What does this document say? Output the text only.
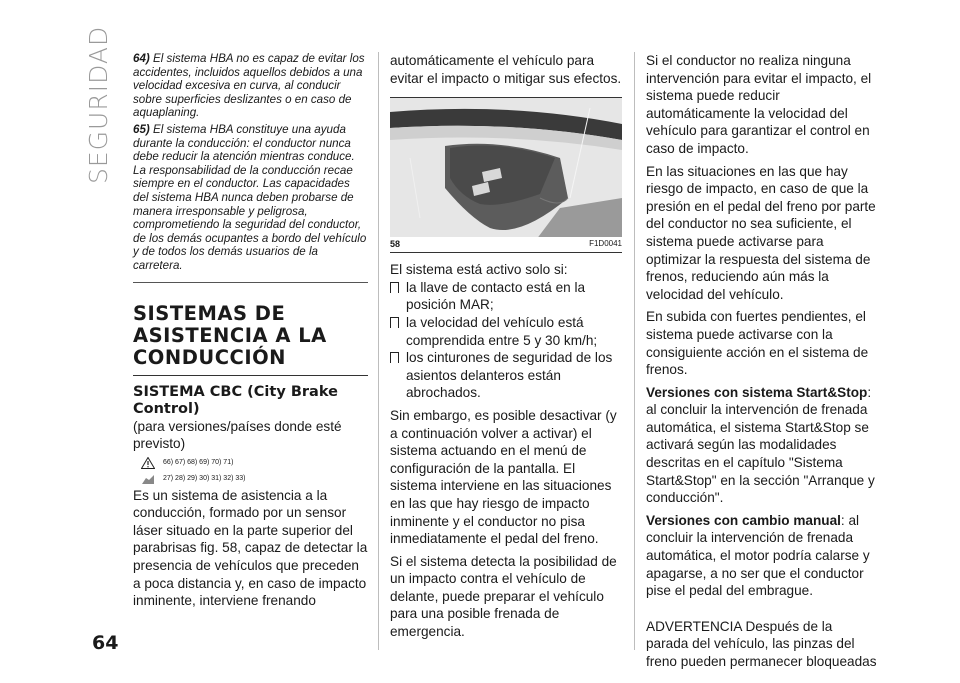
SEGURIDAD
64

64) El sistema HBA no es capaz de evitar los accidentes, incluidos aquellos debidos a una velocidad excesiva en curva, al conducir sobre superficies deslizantes o en caso de aquaplaning.

65) El sistema HBA constituye una ayuda durante la conducción: el conductor nunca debe reducir la atención mientras conduce. La responsabilidad de la conducción recae siempre en el conductor. Las capacidades del sistema HBA nunca deben probarse de manera irresponsable y peligrosa, comprometiendo la seguridad del conductor, de los demás ocupantes a bordo del vehículo y de todos los demás usuarios de la carretera.

SISTEMAS DE ASISTENCIA A LA CONDUCCIÓN
SISTEMA CBC (City Brake Control)

(para versiones/países donde esté previsto)

66) 67) 68) 69) 70) 71)
27) 28) 29) 30) 31) 32) 33)

Es un sistema de asistencia a la conducción, formado por un sensor láser situado en la parte superior del parabrisas fig. 58, capaz de detectar la presencia de vehículos que preceden a poca distancia y, en caso de impacto inminente, interviene frenando

automáticamente el vehículo para evitar el impacto o mitigar sus efectos.

58	F1D0041

El sistema está activo solo si:

la llave de contacto está en la posición MAR;
la velocidad del vehículo está comprendida entre 5 y 30 km/h;
los cinturones de seguridad de los asientos delanteros están abrochados.

Sin embargo, es posible desactivar (y a continuación volver a activar) el sistema actuando en el menú de configuración de la pantalla. El sistema interviene en las situaciones en las que hay riesgo de impacto inminente y el conductor no pisa inmediatamente el pedal del freno.

Si el sistema detecta la posibilidad de un impacto contra el vehículo de delante, puede preparar el vehículo para una posible frenada de emergencia.

Si el conductor no realiza ninguna intervención para evitar el impacto, el sistema puede reducir automáticamente la velocidad del vehículo para garantizar el control en caso de impacto.

En las situaciones en las que hay riesgo de impacto, en caso de que la presión en el pedal del freno por parte del conductor no sea suficiente, el sistema puede activarse para optimizar la respuesta del sistema de frenos, reduciendo aún más la velocidad del vehículo.

En subida con fuertes pendientes, el sistema puede activarse con la consiguiente acción en el sistema de frenos.

Versiones con sistema Start&Stop: al concluir la intervención de frenada automática, el sistema Start&Stop se activará según las modalidades descritas en el capítulo "Sistema Start&Stop" en la sección "Arranque y conducción".

Versiones con cambio manual: al concluir la intervención de frenada automática, el motor podría calarse y apagarse, a no ser que el conductor pise el pedal del embrague.

ADVERTENCIA Después de la parada del vehículo, las pinzas del freno pueden permanecer bloqueadas
